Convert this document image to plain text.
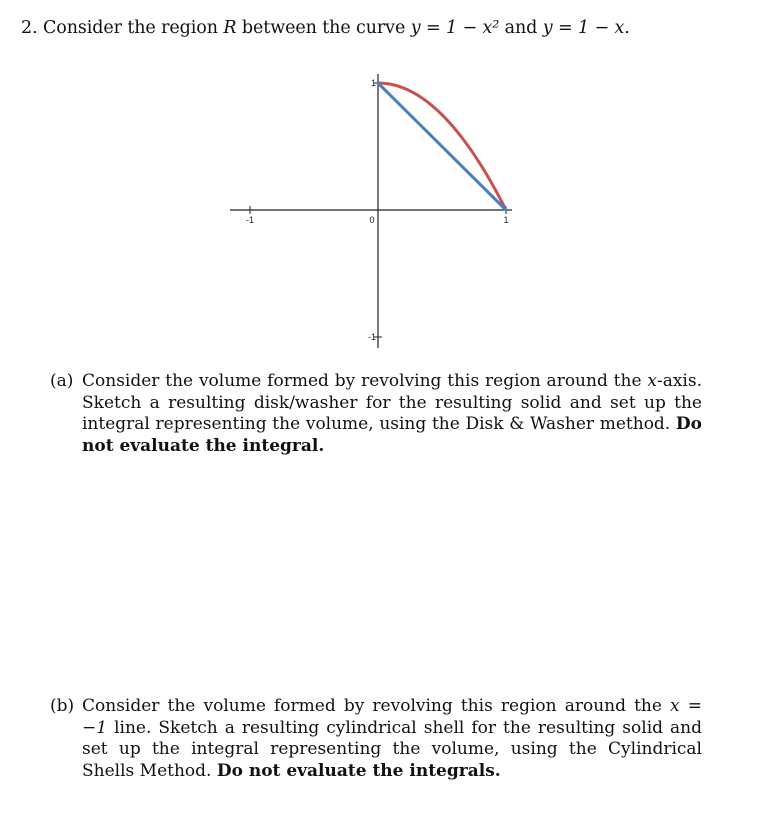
2. Consider the region R between the curve y = 1 − x² and y = 1 − x.
-1	0	1
1
-1
(a) Consider the volume formed by revolving this region around the x-axis. Sketch a resulting disk/washer for the resulting solid and set up the integral representing the volume, using the Disk & Washer method. Do not evaluate the integral.
(b) Consider the volume formed by revolving this region around the x = −1 line. Sketch a resulting cylindrical shell for the resulting solid and set up the integral representing the volume, using the Cylindrical Shells Method. Do not evaluate the integrals.
